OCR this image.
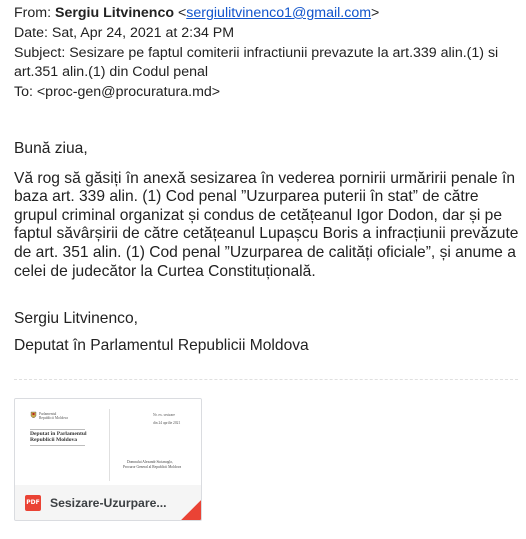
From: Sergiu Litvinenco <sergiulitvinenco1@gmail.com>
Date: Sat, Apr 24, 2021 at 2:34 PM
Subject: Sesizare pe faptul comiterii infractiunii prevazute la art.339 alin.(1) si art.351 alin.(1) din Codul penal
To: <proc-gen@procuratura.md>

Bună ziua,

Vă rog să găsiți în anexă sesizarea în vederea pornirii urmăririi penale în baza art. 339 alin. (1) Cod penal ”Uzurparea puterii în stat” de către grupul criminal organizat și condus de cetățeanul Igor Dodon, dar și pe faptul săvârșirii de către cetățeanul Lupașcu Boris a infracțiunii prevăzute de art. 351 alin. (1) Cod penal ”Uzurparea de calități oficiale”, și anume a celei de judecător la Curtea Constituțională.

Sergiu Litvinenco,
Deputat în Parlamentul Republicii Moldova
Parlamentul
Republicii Moldova
Nr. ex. sesizare
din 24 aprilie 2021
Deputat în Parlamentul
Republicii Moldova
Domnului Alexandr Stoianoglo,
Procuror General al Republicii Moldova
PDF Sesizare-Uzurpare...
